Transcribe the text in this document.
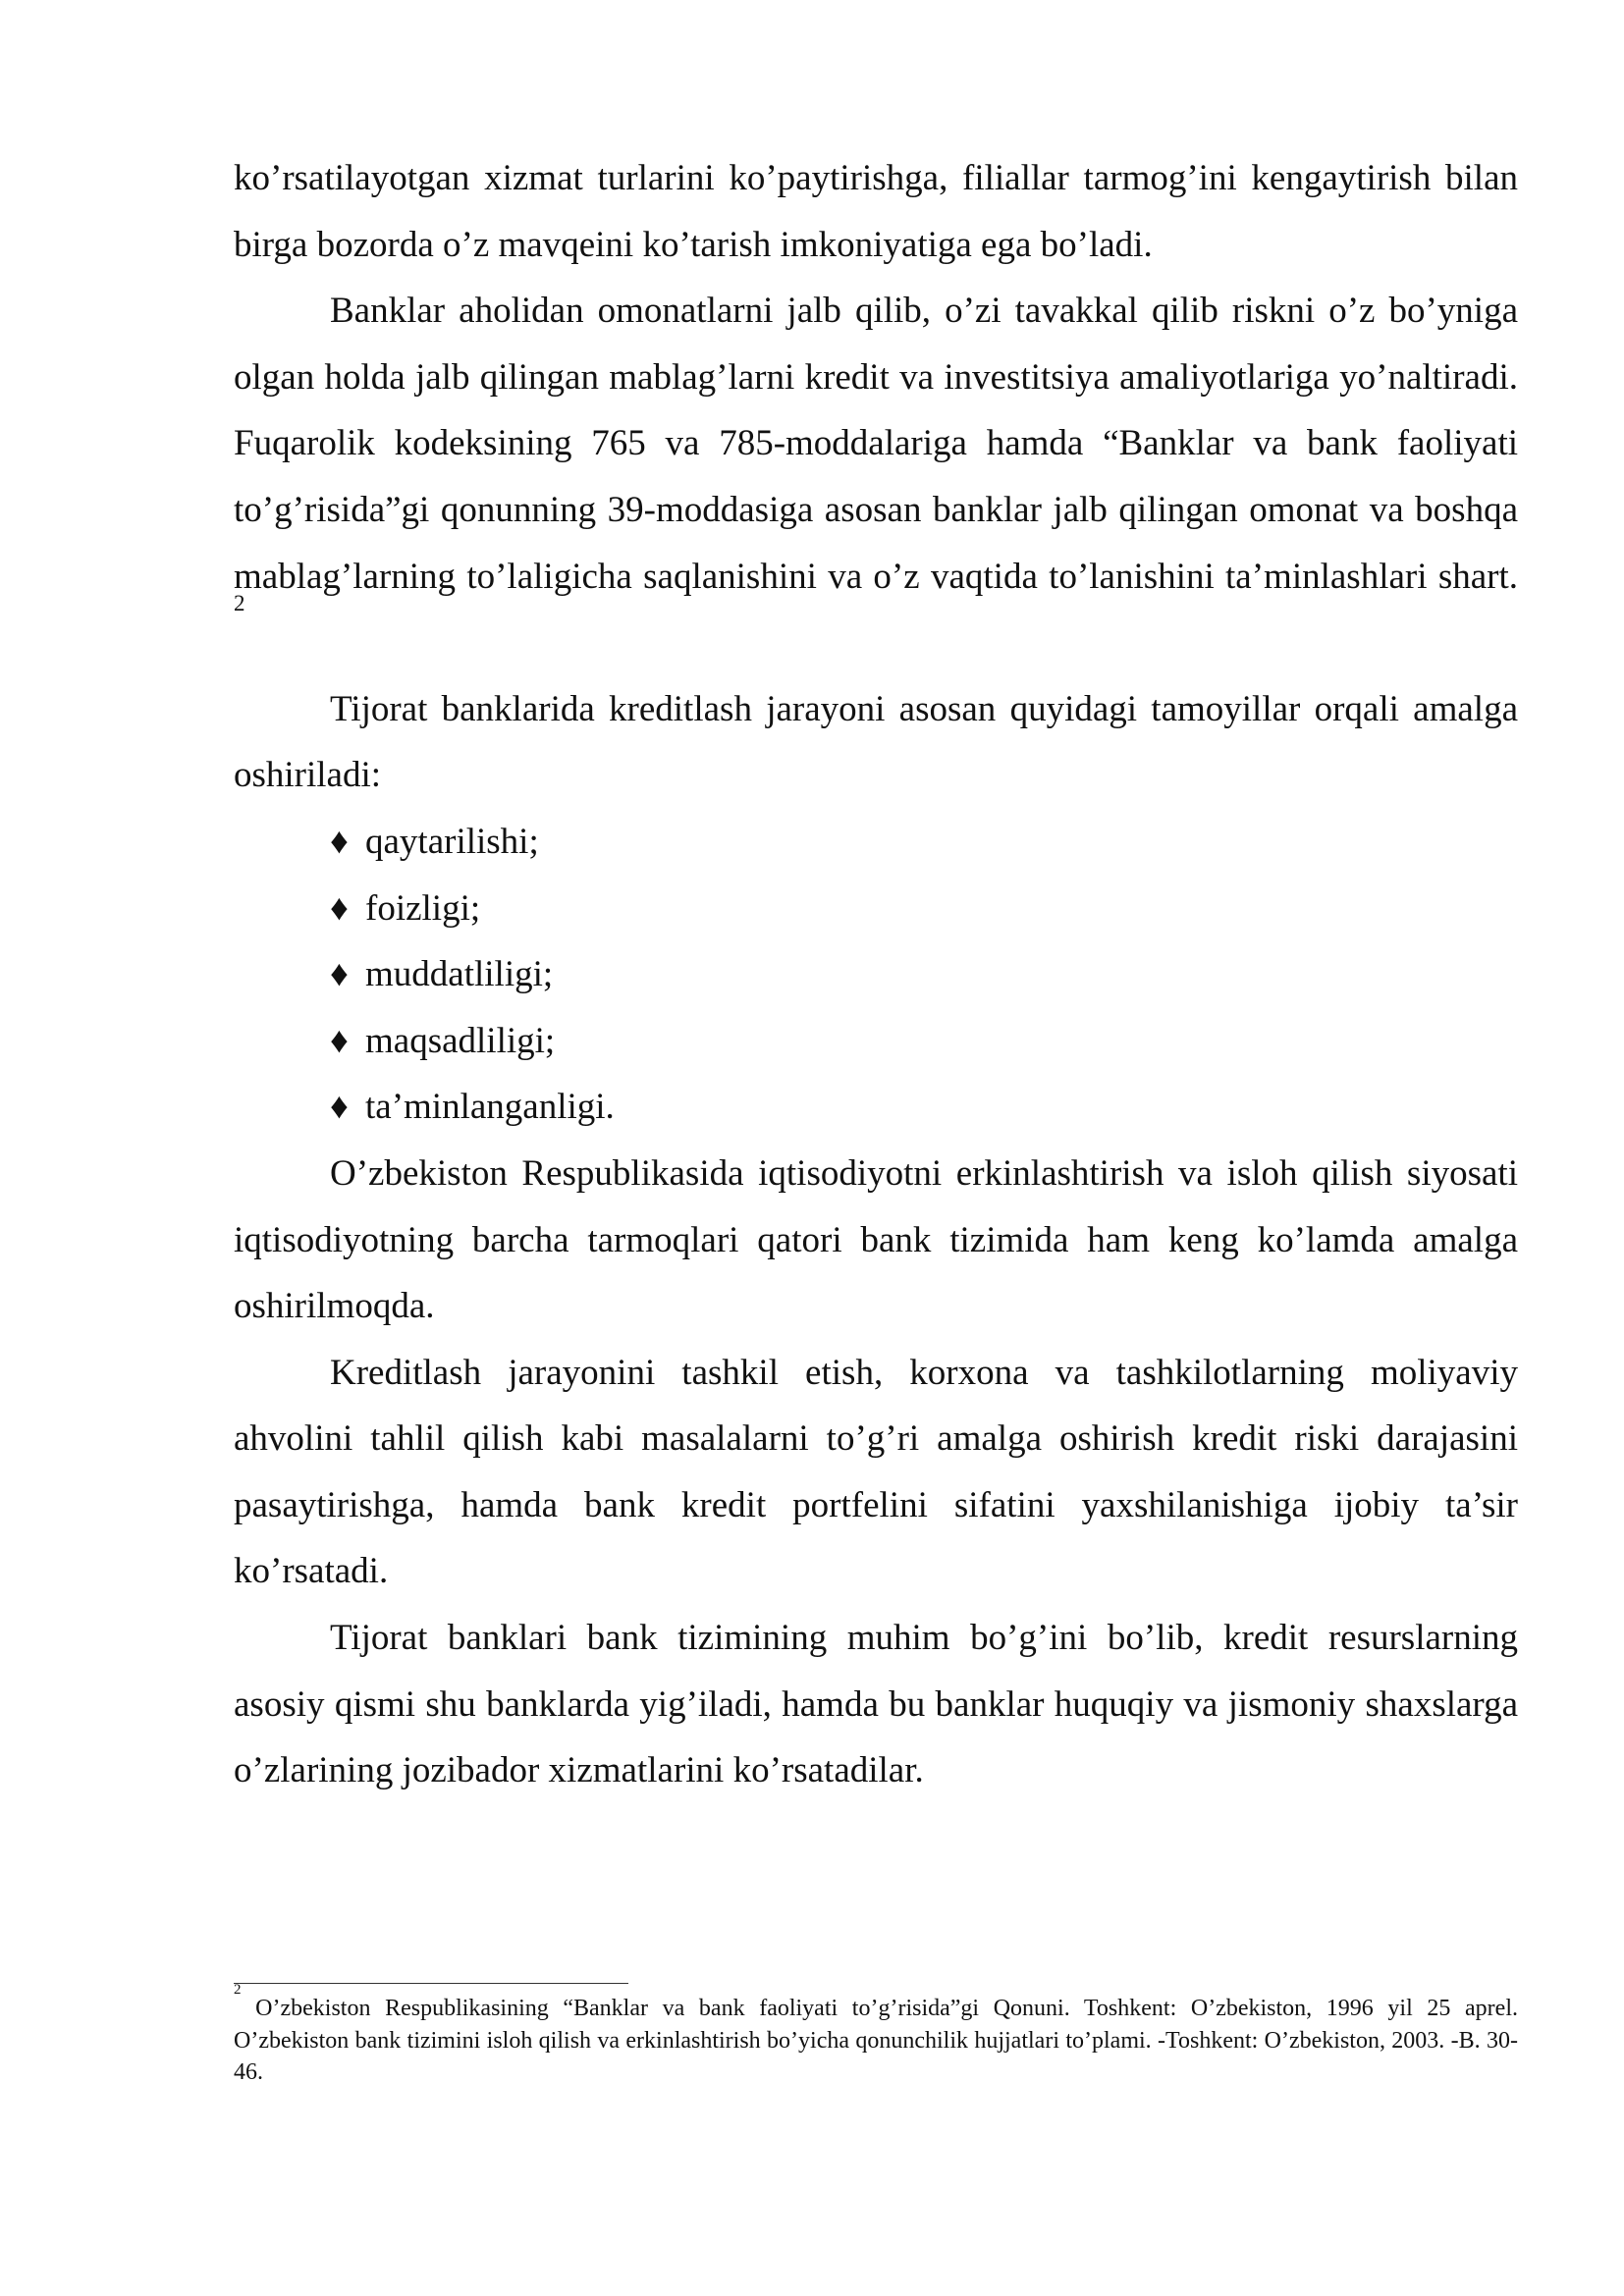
ko’rsatilayotgan xizmat turlarini ko’paytirishga, filiallar tarmog’ini kengaytirish bilan birga bozorda o’z mavqeini ko’tarish imkoniyatiga ega bo’ladi.

Banklar aholidan omonatlarni jalb qilib, o’zi tavakkal qilib riskni o’z bo’yniga olgan holda jalb qilingan mablag’larni kredit va investitsiya amaliyotlariga yo’naltiradi. Fuqarolik kodeksining 765 va 785-moddalariga hamda “Banklar va bank faoliyati to’g’risida”gi qonunning 39-moddasiga asosan banklar jalb qilingan omonat va boshqa mablag’larning to’laligicha saqlanishini va o’z vaqtida to’lanishini ta’minlashlari shart. $^2$

Tijorat banklarida kreditlash jarayoni asosan quyidagi tamoyillar orqali amalga oshiriladi:

♦ qaytarilishi;

♦ foizligi;

♦ muddatliligi;

♦ maqsadliligi;

♦ ta’minlanganligi.

O’zbekiston Respublikasida iqtisodiyotni erkinlashtirish va isloh qilish siyosati iqtisodiyotning barcha tarmoqlari qatori bank tizimida ham keng ko’lamda amalga oshirilmoqda.

Kreditlash jarayonini tashkil etish, korxona va tashkilotlarning moliyaviy ahvolini tahlil qilish kabi masalalarni to’g’ri amalga oshirish kredit riski darajasini pasaytirishga, hamda bank kredit portfelini sifatini yaxshilanishiga ijobiy ta’sir ko’rsatadi.

Tijorat banklari bank tizimining muhim bo’g’ini bo’lib, kredit resurslarning asosiy qismi shu banklarda yig’iladi, hamda bu banklar huquqiy va jismoniy shaxslarga o’zlarining jozibador xizmatlarini ko’rsatadilar.

$^2$ O’zbekiston Respublikasining “Banklar va bank faoliyati to’g’risida”gi Qonuni. Toshkent: O’zbekiston, 1996 yil 25 aprel. O’zbekiston bank tizimini isloh qilish va erkinlashtirish bo’yicha qonunchilik hujjatlari to’plami. -Toshkent: O’zbekiston, 2003. -B. 30-46.
